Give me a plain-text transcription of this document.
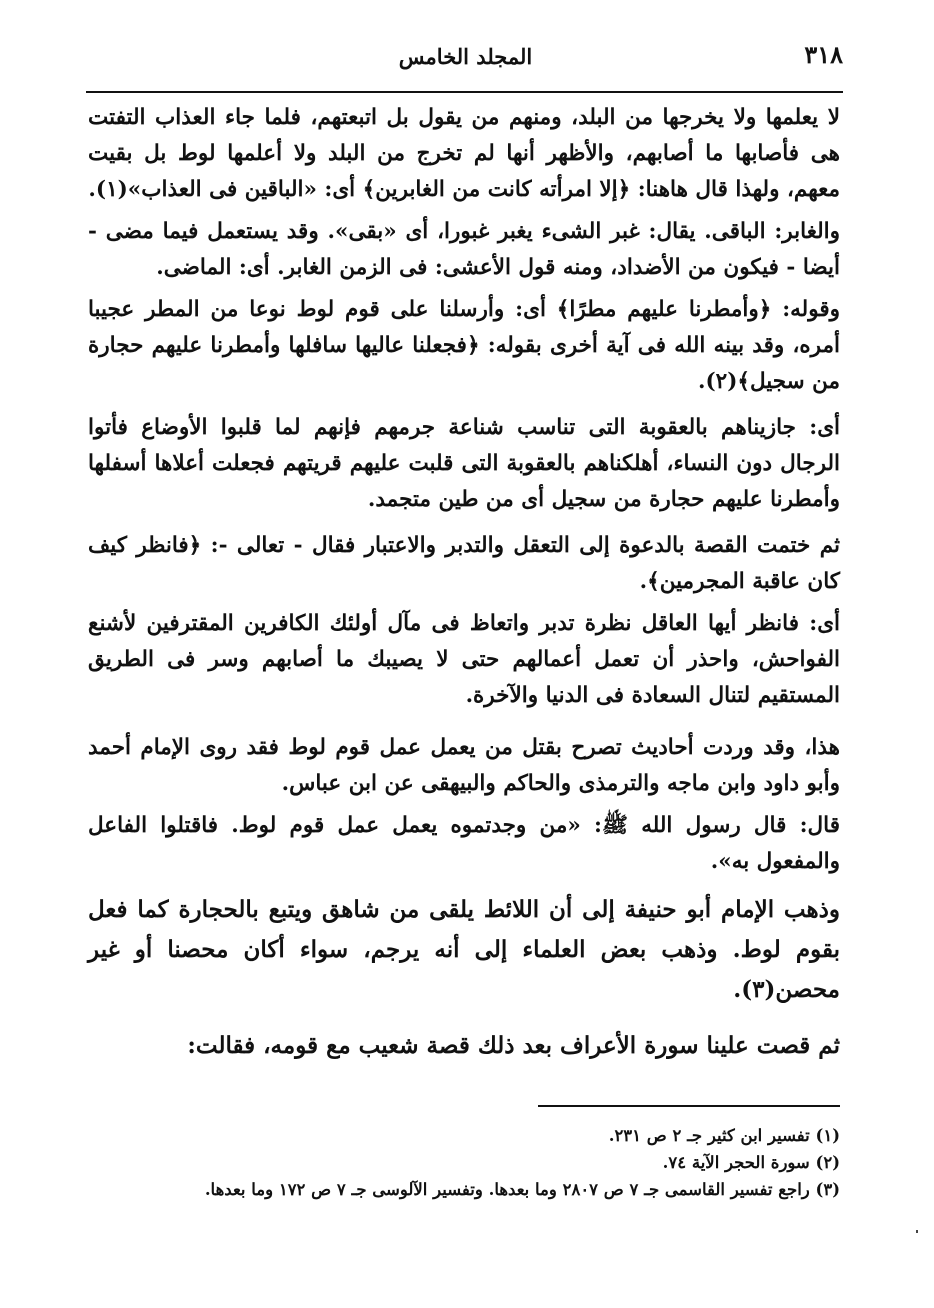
٣١٨
المجلد الخامس

لا يعلمها ولا يخرجها من البلد، ومنهم من يقول بل اتبعتهم، فلما جاء العذاب التفتت هى فأصابها ما أصابهم، والأظهر أنها لم تخرج من البلد ولا أعلمها لوط بل بقيت معهم، ولهذا قال هاهنا: ﴿إلا امرأته كانت من الغابرين﴾ أى: «الباقين فى العذاب»(١).

والغابر: الباقى. يقال: غبر الشىء يغبر غبورا، أى «بقى». وقد يستعمل فيما مضى - أيضا - فيكون من الأضداد، ومنه قول الأعشى: فى الزمن الغابر. أى: الماضى.

وقوله: ﴿وأمطرنا عليهم مطرًا﴾ أى: وأرسلنا على قوم لوط نوعا من المطر عجيبا أمره، وقد بينه الله فى آية أخرى بقوله: ﴿فجعلنا عاليها سافلها وأمطرنا عليهم حجارة من سجيل﴾(٢).

أى: جازيناهم بالعقوبة التى تناسب شناعة جرمهم فإنهم لما قلبوا الأوضاع فأتوا الرجال دون النساء، أهلكناهم بالعقوبة التى قلبت عليهم قريتهم فجعلت أعلاها أسفلها وأمطرنا عليهم حجارة من سجيل أى من طين متجمد.

ثم ختمت القصة بالدعوة إلى التعقل والتدبر والاعتبار فقال - تعالى -: ﴿فانظر كيف كان عاقبة المجرمين﴾.

أى: فانظر أيها العاقل نظرة تدبر واتعاظ فى مآل أولئك الكافرين المقترفين لأشنع الفواحش، واحذر أن تعمل أعمالهم حتى لا يصيبك ما أصابهم وسر فى الطريق المستقيم لتنال السعادة فى الدنيا والآخرة.

هذا، وقد وردت أحاديث تصرح بقتل من يعمل عمل قوم لوط فقد روى الإمام أحمد وأبو داود وابن ماجه والترمذى والحاكم والبيهقى عن ابن عباس.

قال: قال رسول الله ﷺ: «من وجدتموه يعمل عمل قوم لوط. فاقتلوا الفاعل والمفعول به».

وذهب الإمام أبو حنيفة إلى أن اللائط يلقى من شاهق ويتبع بالحجارة كما فعل بقوم لوط. وذهب بعض العلماء إلى أنه يرجم، سواء أكان محصنا أو غير محصن(٣).

ثم قصت علينا سورة الأعراف بعد ذلك قصة شعيب مع قومه، فقالت:

(١) تفسير ابن كثير جـ ٢ ص ٢٣١.

(٢) سورة الحجر الآية ٧٤.

(٣) راجع تفسير القاسمى جـ ٧ ص ٢٨٠٧ وما بعدها. وتفسير الآلوسى جـ ٧ ص ١٧٢ وما بعدها.
